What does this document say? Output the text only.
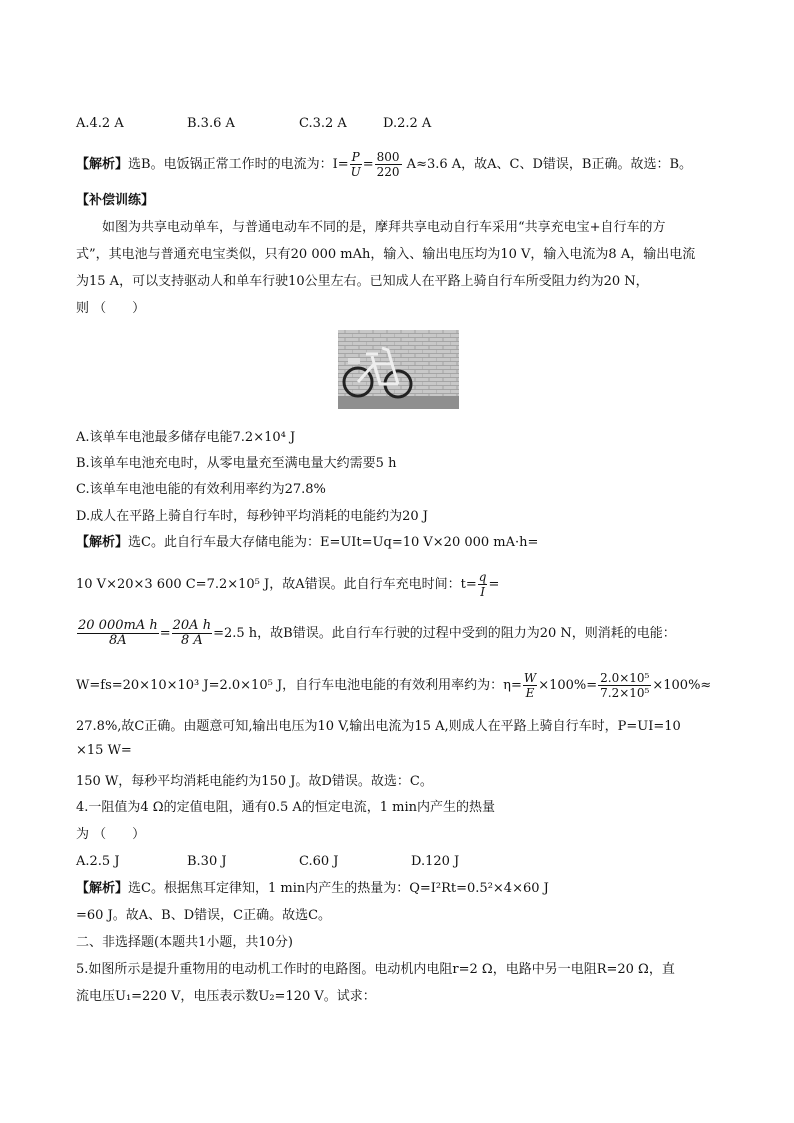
A.4.2 A	B.3.6 A	C.3.2 A	D.2.2 A
【解析】选B。电饭锅正常工作时的电流为：$I= \frac{P}{U} = \frac{800}{220} A\approx 3.6$ A，故A、C、D错误，B正确。故选：B。
【补偿训练】
如图为共享电动单车，与普通电动车不同的是，摩拜共享电动自行车采用“共享充电宝+自行车的方
式”，其电池与普通充电宝类似，只有20 000 mAh，输入、输出电压均为10 V，输入电流为8 A，输出电流
为15 A，可以支持驱动人和单车行驶10公里左右。已知成人在平路上骑自行车所受阻力约为20 N，
则 （　　）
A.该单车电池最多储存电能7.2×10⁴ J
B.该单车电池充电时，从零电量充至满电量大约需要5 h
C.该单车电池电能的有效利用率约为27.8%
D.成人在平路上骑自行车时，每秒钟平均消耗的电能约为20 J
【解析】选C。此自行车最大存储电能为：E=UIt=Uq=10 V×20 000 mA·h=
10 V×20×3 600 C=7.2×10⁵ J，故A错误。此自行车充电时间：$t= \frac{q}{I}$ =
$\frac{\text{20 000mA h}}{8A} = \frac{\text{20A h}}{8 A} =2.5$ h，故B错误。此自行车行驶的过程中受到的阻力为20 N，则消耗的电能：
W=fs=20×10×10³ J=2.0×10⁵ J，自行车电池电能的有效利用率约为：$\eta= \frac{W}{E} \times 100\%= \frac{\text{2.0×10⁵}}{\text{7.2×10⁵}} \times 100\%\approx$
27.8%,故C正确。由题意可知,输出电压为10 V,输出电流为15 A,则成人在平路上骑自行车时，P=UI=10
×15 W=
150 W，每秒平均消耗电能约为150 J。故D错误。故选：C。
4.一阻值为4 Ω的定值电阻，通有0.5 A的恒定电流，1 min内产生的热量
为 （　　）
A.2.5 J	B.30 J	C.60 J	D.120 J
【解析】选C。根据焦耳定律知，1 min内产生的热量为：Q=I²Rt=0.5²×4×60 J
=60 J。故A、B、D错误，C正确。故选C。
二、非选择题(本题共1小题，共10分)
5.如图所示是提升重物用的电动机工作时的电路图。电动机内电阻r=2 Ω，电路中另一电阻R=20 Ω，直
流电压U₁=220 V，电压表示数U₂=120 V。试求：
